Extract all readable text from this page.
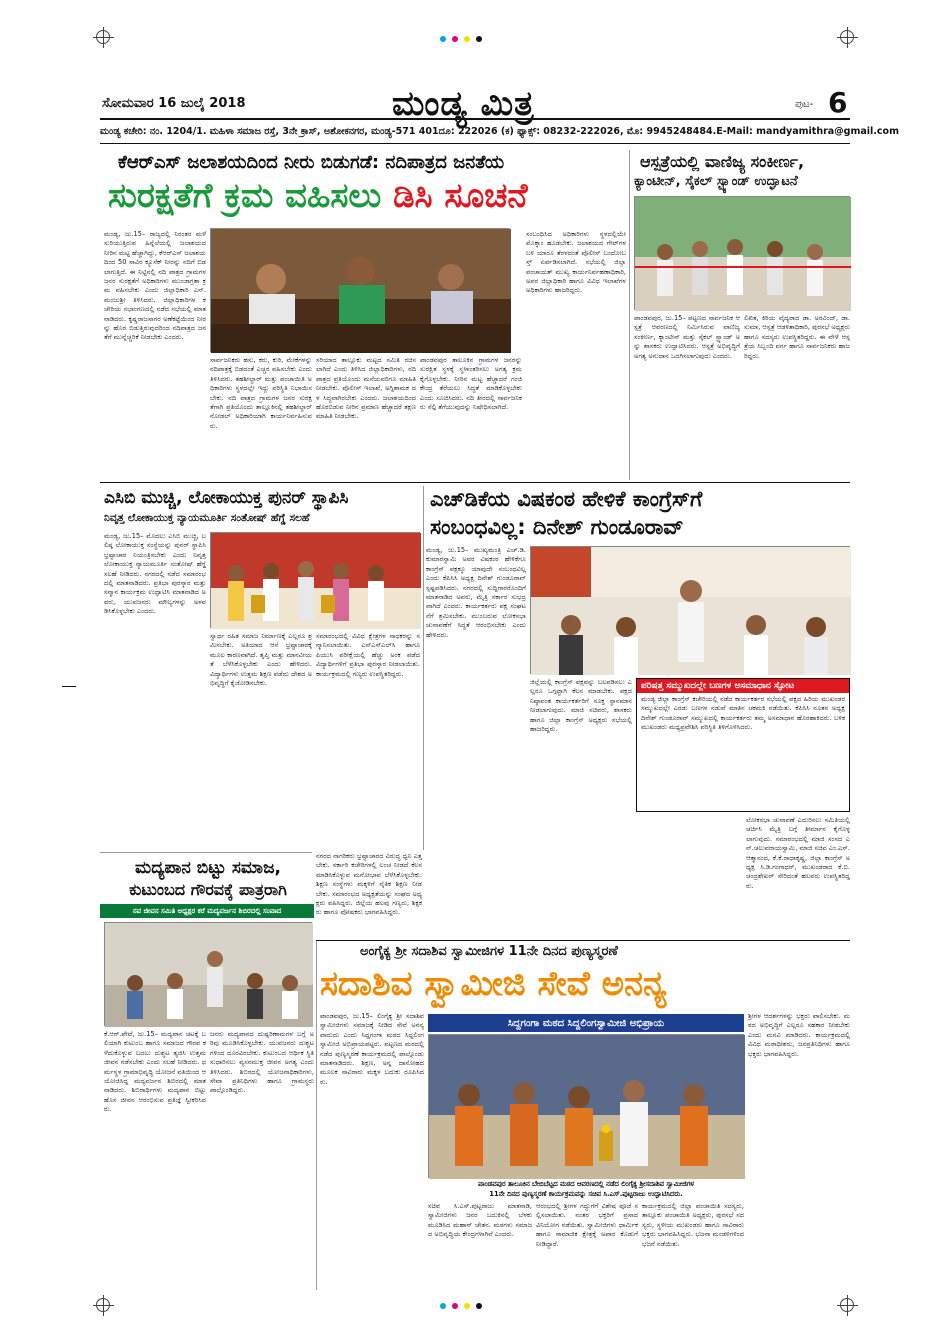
ಸೋಮವಾರ 16 ಜುಲೈ 2018	ಮಂಡ್ಯ ಮಿತ್ರ	ಪುಟ- 6
ಮಂಡ್ಯ ಕಚೇರಿ: ನಂ. 1204/1. ಮಹಿಳಾ ಸಮಾಜ ರಸ್ತೆ, 3ನೇ ಕ್ರಾಸ್, ಅಶೋಕನಗರ, ಮಂಡ್ಯ-571 401 ದೂ: 222026 (ಕ) ಫ್ಯಾಕ್ಸ್: 08232-222026, ಮೊ: 9945248484. E-Mail: mandyamithra@gmail.com
ಕೆಆರ್‌ಎಸ್ ಜಲಾಶಯದಿಂದ ನೀರು ಬಿಡುಗಡೆ: ನದಿಪಾತ್ರದ ಜನತೆಯ
ಸುರಕ್ಷತೆಗೆ ಕ್ರಮ ವಹಿಸಲು ಡಿಸಿ ಸೂಚನೆ
ಮಂಡ್ಯ, ಜು.15– ರಾಜ್ಯದಲ್ಲಿ ನಿರಂತರ ಮಳೆ ಸುರಿಯುತ್ತಿರುವ ಹಿನ್ನೆಲೆಯಲ್ಲಿ ಜಲಾಶಯದ ನೀರಿನ ಮಟ್ಟ ಹೆಚ್ಚಾಗಿದ್ದು, ಕೆಆರ್‌ಎಸ್ ಜಲಾಶಯದಿಂದ 50 ಸಾವಿರ ಕ್ಯೂಸೆಕ್ ನೀರನ್ನು ನದಿಗೆ ಬಿಡಲಾಗುತ್ತಿದೆ. ಈ ನಿಟ್ಟಿನಲ್ಲಿ ನದಿ ಪಾತ್ರದ ಗ್ರಾಮಗಳ ಜನರ ಸುರಕ್ಷತೆಗೆ ಅಧಿಕಾರಿಗಳು ಮುಂಜಾಗ್ರತಾ ಕ್ರಮ ವಹಿಸಬೇಕು ಎಂದು ಜಿಲ್ಲಾಧಿಕಾರಿ ಎನ್.ಮಂಜುಶ್ರೀ ತಿಳಿಸಿದರು. ಜಿಲ್ಲಾಧಿಕಾರಿಗಳ ಕಚೇರಿಯ ಸಭಾಂಗಣದಲ್ಲಿ ನಡೆದ ಸಭೆಯಲ್ಲಿ ಮಾತನಾಡಿದರು. ಕೃಷ್ಣರಾಜಸಾಗರ ಅಣೆಕಟ್ಟೆಯಿಂದ ನೀರನ್ನು ಹೊರ ಬಿಡುತ್ತಿರುವುದರಿಂದ ನದಿಪಾತ್ರದ ಜನತೆಗೆ ಮುನ್ನೆಚ್ಚರಿಕೆ ನೀಡಬೇಕು ಎಂದರು.
ಸಾರ್ವಜನಿಕರು ಹಸು, ಕರು, ಕುರಿ, ಮೇಕೆಗಳನ್ನು ನದಿಪಾತ್ರಕ್ಕೆ ಬಿಡದಂತೆ ಎಚ್ಚರ ವಹಿಸಬೇಕು ಎಂದು ತಿಳಿಸಿದರು. ತಹಶೀಲ್ದಾರ್ ಮತ್ತು ಪಂಚಾಯಿತಿ ಅಧಿಕಾರಿಗಳು ಸ್ಥಳದಲ್ಲೇ ಇದ್ದು ಪರಿಸ್ಥಿತಿ ನಿಭಾಯಿಸಬೇಕು. ನದಿ ಪಾತ್ರದ ಗ್ರಾಮಗಳ ಜನರ ಸುರಕ್ಷತೆಗಾಗಿ ಪ್ರತಿಯೊಂದು ತಾಲ್ಲೂಕಿನಲ್ಲಿ ತಹಶೀಲ್ದಾರ್ ನೋಡಲ್ ಅಧಿಕಾರಿಯಾಗಿ ಕಾರ್ಯನಿರ್ವಹಿಸುವರು.
ಸರಿಯಾದ ತಾಲ್ಲೂಕು ಮಟ್ಟದ ಸಮಿತಿ ರಚಿಸಲಾಗಿದೆ ಎಂದು ತಿಳಿಸಿದ ಜಿಲ್ಲಾಧಿಕಾರಿಗಳು, ನದಿ ಪಾತ್ರದ ಪ್ರತಿಯೊಂದು ಮನೆಯವರಿಗೂ ಮಾಹಿತಿ ನೀಡಬೇಕು. ಪೊಲೀಸ್ ಇಲಾಖೆ, ಅಗ್ನಿಶಾಮಕ ದಳ ಸಿದ್ಧವಾಗಿರಬೇಕು ಎಂದರು. ಜಲಾಶಯದಿಂದ ಹೊರಬಿಡುವ ನೀರಿನ ಪ್ರಮಾಣ ಹೆಚ್ಚಾದರೆ ತಕ್ಷಣ ಮಾಹಿತಿ ನೀಡಬೇಕು.
ಪಾಂಡವಪುರ ತಾಲೂಕಿನ ಗ್ರಾಮಗಳ ಜನರನ್ನು ಸುರಕ್ಷಿತ ಸ್ಥಳಕ್ಕೆ ಸ್ಥಳಾಂತರಿಸಲು ಅಗತ್ಯ ಕ್ರಮ ಕೈಗೊಳ್ಳಬೇಕು. ನೀರಿನ ಮಟ್ಟ ಹೆಚ್ಚಾದರೆ ಗಂಜಿ ಕೇಂದ್ರ ತೆರೆಯಲು ಸಿದ್ಧತೆ ಮಾಡಿಕೊಳ್ಳಬೇಕು ಎಂದು ಸೂಚಿಸಿದರು. ನದಿ ತೀರದಲ್ಲಿ ಸಾರ್ವಜನಿಕರು ಸೆಲ್ಫಿ ತೆಗೆಯುವುದನ್ನು ನಿಷೇಧಿಸಲಾಗಿದೆ.
ಸಂಬಂಧಿಸಿದ ಅಧಿಕಾರಿಗಳು ಸ್ಥಳದಲ್ಲಿಯೇ ಮೊಕ್ಕಾಂ ಹೂಡಬೇಕು. ಜಲಾಶಯದ ಗೇಟ್‌ಗಳ ಬಳಿ ಯಾರೂ ತೆರಳದಂತೆ ಪೊಲೀಸ್ ಬಂದೋಬಸ್ತ್ ಏರ್ಪಡಿಸಲಾಗಿದೆ. ಸಭೆಯಲ್ಲಿ ಜಿಲ್ಲಾ ಪಂಚಾಯತ್ ಮುಖ್ಯ ಕಾರ್ಯನಿರ್ವಹಣಾಧಿಕಾರಿ, ಅಪರ ಜಿಲ್ಲಾಧಿಕಾರಿ ಹಾಗೂ ವಿವಿಧ ಇಲಾಖೆಗಳ ಅಧಿಕಾರಿಗಳು ಹಾಜರಿದ್ದರು.
ಆಸ್ಪತ್ರೆಯಲ್ಲಿ ವಾಣಿಜ್ಯ ಸಂಕೀರ್ಣ,
ಕ್ಯಾಂಟೀನ್, ಸೈಕಲ್ ಸ್ಟ್ಯಾಂಡ್ ಉದ್ಘಾಟನೆ
ಪಾಂಡವಪುರ, ಜು.15– ಪಟ್ಟಣದ ಸಾರ್ವಜನಿಕ ಆಸ್ಪತ್ರೆ ಆವರಣದಲ್ಲಿ ನಿರ್ಮಿಸಿರುವ ವಾಣಿಜ್ಯ ಸಂಕೀರ್ಣ, ಕ್ಯಾಂಟೀನ್ ಮತ್ತು ಸೈಕಲ್ ಸ್ಟ್ಯಾಂಡ್ ಅನ್ನು ಶಾಸಕರು ಉದ್ಘಾಟಿಸಿದರು. ಆಸ್ಪತ್ರೆ ಅಭಿವೃದ್ಧಿಗೆ ಅಗತ್ಯ ಅನುದಾನ ಒದಗಿಸಲಾಗುವುದು ಎಂದರು.
ಲಿಖಿತ, ಕಿರಿಯ ವೈದ್ಯರಾದ ಡಾ. ಅರವಿಂದ್, ಡಾ. ಸುಮಾ, ಆಸ್ಪತ್ರೆ ಆಡಳಿತಾಧಿಕಾರಿ, ಪುರಸಭೆ ಅಧ್ಯಕ್ಷರು ಹಾಗೂ ಸದಸ್ಯರು ಉಪಸ್ಥಿತರಿದ್ದರು. ಈ ವೇಳೆ ಆಸ್ಪತ್ರೆಯ ಸಿಬ್ಬಂದಿ ವರ್ಗ ಹಾಗೂ ಸಾರ್ವಜನಿಕರು ಹಾಜರಿದ್ದರು.
ಎಸಿಬಿ ಮುಚ್ಚಿ, ಲೋಕಾಯುಕ್ತ ಪುನರ್ ಸ್ಥಾಪಿಸಿ
ನಿವೃತ್ತ ಲೋಕಾಯುಕ್ತ ನ್ಯಾಯಮೂರ್ತಿ ಸಂತೋಷ್ ಹೆಗ್ಡೆ ಸಲಹೆ
ಮಂಡ್ಯ, ಜು.15– ಮೊದಲು ಎಸಿಬಿ ಮುಚ್ಚಿ, ಬಲಿಷ್ಠ ಲೋಕಾಯುಕ್ತ ಸಂಸ್ಥೆಯನ್ನು ಪುನರ್ ಸ್ಥಾಪಿಸಿ ಭ್ರಷ್ಟಾಚಾರ ನಿಯಂತ್ರಿಸಬೇಕು ಎಂದು ನಿವೃತ್ತ ಲೋಕಾಯುಕ್ತ ನ್ಯಾಯಮೂರ್ತಿ ಸಂತೋಷ್ ಹೆಗ್ಡೆ ಸಲಹೆ ನೀಡಿದರು. ನಗರದಲ್ಲಿ ನಡೆದ ಸಮಾರಂಭದಲ್ಲಿ ಮಾತನಾಡಿದರು. ಪ್ರತಿಭಾ ಪುರಸ್ಕಾರ ಮತ್ತು ಸನ್ಮಾನ ಕಾರ್ಯಕ್ರಮ ಉದ್ಘಾಟಿಸಿ ಮಾತನಾಡಿದ ಅವರು, ಯುವಜನರು ಮೌಲ್ಯಗಳನ್ನು ಅಳವಡಿಸಿಕೊಳ್ಳಬೇಕು ಎಂದರು.
ಸ್ವಾರ್ಥ ರಹಿತ ಸಮಾಜ ನಿರ್ಮಾಣಕ್ಕೆ ಎಲ್ಲರೂ ಶ್ರಮಿಸಬೇಕು. ಅತಿಯಾದ ಆಸೆ ಭ್ರಷ್ಟಾಚಾರಕ್ಕೆ ಮೂಲ ಕಾರಣವಾಗಿದೆ. ತೃಪ್ತಿ ಮತ್ತು ಮಾನವೀಯತೆ ಬೆಳೆಸಿಕೊಳ್ಳಬೇಕು ಎಂದು ಹೇಳಿದರು. ವಿದ್ಯಾರ್ಥಿಗಳು ಉತ್ತಮ ಶಿಕ್ಷಣ ಪಡೆದು ದೇಶದ ಅಭಿವೃದ್ಧಿಗೆ ಕೈಜೋಡಿಸಬೇಕು.
ಸಮಾರಂಭದಲ್ಲಿ ವಿವಿಧ ಕ್ಷೇತ್ರಗಳ ಸಾಧಕರನ್ನು ಸನ್ಮಾನಿಸಲಾಯಿತು. ಎಸ್ಎಸ್ಎಲ್‌ಸಿ ಹಾಗೂ ಪಿಯುಸಿ ಪರೀಕ್ಷೆಯಲ್ಲಿ ಹೆಚ್ಚು ಅಂಕ ಪಡೆದ ವಿದ್ಯಾರ್ಥಿಗಳಿಗೆ ಪ್ರತಿಭಾ ಪುರಸ್ಕಾರ ನೀಡಲಾಯಿತು. ಕಾರ್ಯಕ್ರಮದಲ್ಲಿ ಗಣ್ಯರು ಉಪಸ್ಥಿತರಿದ್ದರು.
ಎಚ್‌ಡಿಕೆಯ ವಿಷಕಂಠ ಹೇಳಿಕೆ ಕಾಂಗ್ರೆಸ್‌ಗೆ
ಸಂಬಂಧವಿಲ್ಲ: ದಿನೇಶ್ ಗುಂಡೂರಾವ್
ಮಂಡ್ಯ, ಜು.15– ಮುಖ್ಯಮಂತ್ರಿ ಎಚ್.ಡಿ.ಕುಮಾರಸ್ವಾಮಿ ಅವರ ವಿಷಕಂಠ ಹೇಳಿಕೆಗೂ ಕಾಂಗ್ರೆಸ್ ಪಕ್ಷಕ್ಕೂ ಯಾವುದೇ ಸಂಬಂಧವಿಲ್ಲ ಎಂದು ಕೆಪಿಸಿಸಿ ಅಧ್ಯಕ್ಷ ದಿನೇಶ್ ಗುಂಡೂರಾವ್ ಸ್ಪಷ್ಟಪಡಿಸಿದರು. ನಗರದಲ್ಲಿ ಸುದ್ದಿಗಾರರೊಂದಿಗೆ ಮಾತನಾಡಿದ ಅವರು, ಮೈತ್ರಿ ಸರ್ಕಾರ ಸುಭದ್ರವಾಗಿದೆ ಎಂದರು. ಕಾರ್ಯಕರ್ತರು ಪಕ್ಷ ಸಂಘಟನೆಗೆ ಶ್ರಮಿಸಬೇಕು. ಮುಂಬರುವ ಲೋಕಸಭಾ ಚುನಾವಣೆಗೆ ಸಿದ್ಧತೆ ಆರಂಭಿಸಬೇಕು ಎಂದು ಹೇಳಿದರು.
ಜಿಲ್ಲೆಯಲ್ಲಿ ಕಾಂಗ್ರೆಸ್ ಪಕ್ಷವನ್ನು ಬಲಪಡಿಸಲು ಎಲ್ಲರೂ ಒಗ್ಗಟ್ಟಾಗಿ ಕೆಲಸ ಮಾಡಬೇಕು. ಪಕ್ಷದ ನಿಷ್ಠಾವಂತ ಕಾರ್ಯಕರ್ತರಿಗೆ ಸೂಕ್ತ ಸ್ಥಾನಮಾನ ನೀಡಲಾಗುವುದು. ಮಾಜಿ ಸಚಿವರು, ಶಾಸಕರು ಹಾಗೂ ಜಿಲ್ಲಾ ಕಾಂಗ್ರೆಸ್ ಅಧ್ಯಕ್ಷರು ಸಭೆಯಲ್ಲಿ ಹಾಜರಿದ್ದರು.
ಪರಿಷತ್ತ ಸಮ್ಮುಖದಲ್ಲೇ ಬಣಗಳ ಅಸಮಾಧಾನ ಸ್ಫೋಟ
ಮಂಡ್ಯ ಜಿಲ್ಲಾ ಕಾಂಗ್ರೆಸ್ ಕಚೇರಿಯಲ್ಲಿ ನಡೆದ ಕಾರ್ಯಕರ್ತರ ಸಭೆಯಲ್ಲಿ ಪಕ್ಷದ ಹಿರಿಯ ಮುಖಂಡರ ಸಮ್ಮುಖದಲ್ಲೇ ಎರಡು ಬಣಗಳ ನಡುವೆ ಮಾತಿನ ಚಕಮಕಿ ನಡೆಯಿತು. ಕೆಪಿಸಿಸಿ ನೂತನ ಅಧ್ಯಕ್ಷ ದಿನೇಶ್ ಗುಂಡೂರಾವ್ ಸಮ್ಮುಖದಲ್ಲಿ ಕಾರ್ಯಕರ್ತರು ತಮ್ಮ ಅಸಮಾಧಾನ ಹೊರಹಾಕಿದರು. ಬಳಿಕ ಮುಖಂಡರು ಮಧ್ಯಪ್ರವೇಶಿಸಿ ಪರಿಸ್ಥಿತಿ ತಿಳಿಗೊಳಿಸಿದರು.
ಲೋಕಸಭಾ ಚುನಾವಣೆ ಎದುರಿಸಲು ಸಮಿತಿಯಲ್ಲಿ ಚರ್ಚಿಸಿ ಮೈತ್ರಿ ಬಗ್ಗೆ ತೀರ್ಮಾನ ಕೈಗೊಳ್ಳಲಾಗುವುದು. ಸಮಾರಂಭದಲ್ಲಿ ಮಾಜಿ ಸಂಸದ ಎನ್.ಚಲುವರಾಯಸ್ವಾಮಿ, ಮಾಜಿ ಸಚಿವ ಎಂ.ಎಸ್.ಆತ್ಮಾನಂದ, ಕೆ.ಕೆ.ರಾಧಾಕೃಷ್ಣ, ಜಿಲ್ಲಾ ಕಾಂಗ್ರೆಸ್ ಅಧ್ಯಕ್ಷ ಸಿ.ಡಿ.ಗಂಗಾಧರ್, ಮುಖಂಡರಾದ ಕೆ.ಬಿ.ಚಂದ್ರಶೇಖರ್ ಸೇರಿದಂತೆ ಹಲವರು ಉಪಸ್ಥಿತರಿದ್ದರು.
ಮದ್ಯಪಾನ ಬಿಟ್ಟು ಸಮಾಜ,
ಕುಟುಂಬದ ಗೌರವಕ್ಕೆ ಪಾತ್ರರಾಗಿ
ನವ ಜೀವನ ಸಮಿತಿ ಅಧ್ಯಕ್ಷರ ಕರೆ ಮದ್ಯವರ್ಜನ ಶಿಬಿರದಲ್ಲಿ ಸಂವಾದ
ಕೆ.ಆರ್.ಪೇಟೆ, ಜು.15– ಮದ್ಯಪಾನ ಚಟಕ್ಕೆ ಬಲಿಯಾಗಿ ಕುಟುಂಬ ಹಾಗೂ ಸಮಾಜದ ಗೌರವ ಕಳೆದುಕೊಳ್ಳುವ ಬದಲು ದುಶ್ಚಟ ತ್ಯಜಿಸಿ ಉತ್ತಮ ಜೀವನ ನಡೆಸಬೇಕು ಎಂದು ಸಲಹೆ ನೀಡಿದರು. ಧರ್ಮಸ್ಥಳ ಗ್ರಾಮಾಭಿವೃದ್ಧಿ ಯೋಜನೆ ವತಿಯಿಂದ ಆಯೋಜಿಸಿದ್ದ ಮದ್ಯವರ್ಜನ ಶಿಬಿರದಲ್ಲಿ ಮಾತನಾಡಿದರು. ಶಿಬಿರಾರ್ಥಿಗಳು ಮದ್ಯಪಾನ ಬಿಟ್ಟು ಹೊಸ ಜೀವನ ಆರಂಭಿಸುವ ಪ್ರತಿಜ್ಞೆ ಸ್ವೀಕರಿಸಿದರು.
ಜನರು ಮದ್ಯಪಾನದ ದುಷ್ಪರಿಣಾಮಗಳ ಬಗ್ಗೆ ಅರಿವು ಮೂಡಿಸಿಕೊಳ್ಳಬೇಕು. ಯುವಜನರು ದುಶ್ಚಟಗಳಿಂದ ದೂರವಿರಬೇಕು. ಕುಟುಂಬದ ಆರ್ಥಿಕ ಸ್ಥಿತಿ ಸುಧಾರಿಸಲು ವ್ಯಸನಮುಕ್ತ ಜೀವನ ಅಗತ್ಯ ಎಂದು ತಿಳಿಸಿದರು. ಶಿಬಿರದಲ್ಲಿ ಯೋಜನಾಧಿಕಾರಿಗಳು, ಸೇವಾ ಪ್ರತಿನಿಧಿಗಳು ಹಾಗೂ ಗ್ರಾಮಸ್ಥರು ಪಾಲ್ಗೊಂಡಿದ್ದರು.
ನಗರದ ನಾಗರಿಕರು ಭ್ರಷ್ಟಾಚಾರದ ವಿರುದ್ಧ ಧ್ವನಿ ಎತ್ತಬೇಕು. ಸರ್ಕಾರಿ ಕಚೇರಿಗಳಲ್ಲಿ ಲಂಚ ನೀಡದೆ ಕೆಲಸ ಮಾಡಿಸಿಕೊಳ್ಳುವ ಮನೋಭಾವ ಬೆಳೆಸಿಕೊಳ್ಳಬೇಕು. ಶಿಕ್ಷಣ ಸಂಸ್ಥೆಗಳು ಮಕ್ಕಳಿಗೆ ನೈತಿಕ ಶಿಕ್ಷಣ ನೀಡಬೇಕು. ಸಮಾರಂಭದ ಅಧ್ಯಕ್ಷತೆಯನ್ನು ಸಂಘದ ಅಧ್ಯಕ್ಷರು ವಹಿಸಿದ್ದರು. ಜಿಲ್ಲೆಯ ಹಲವು ಗಣ್ಯರು, ಶಿಕ್ಷಕರು ಹಾಗೂ ಪೋಷಕರು ಭಾಗವಹಿಸಿದ್ದರು.
ಅಂಗೈಕ್ಯ ಶ್ರೀ ಸದಾಶಿವ ಸ್ವಾಮೀಜಿಗಳ 11ನೇ ದಿನದ ಪುಣ್ಯಸ್ಮರಣೆ
ಸದಾಶಿವ ಸ್ವಾಮೀಜಿ ಸೇವೆ ಅನನ್ಯ
ಪಾಂಡವಪುರ, ಜು.15– ಲಿಂಗೈಕ್ಯ ಶ್ರೀ ಸದಾಶಿವ ಸ್ವಾಮೀಜಿಗಳು ಸಮಾಜಕ್ಕೆ ನೀಡಿದ ಸೇವೆ ಅನನ್ಯವಾದುದು ಎಂದು ಸಿದ್ದಗಂಗಾ ಮಠದ ಸಿದ್ದಲಿಂಗಸ್ವಾಮೀಜಿ ಅಭಿಪ್ರಾಯಪಟ್ಟರು. ಪಟ್ಟಣದ ಮಠದಲ್ಲಿ ನಡೆದ ಪುಣ್ಯಸ್ಮರಣೆ ಕಾರ್ಯಕ್ರಮದಲ್ಲಿ ಪಾಲ್ಗೊಂಡು ಮಾತನಾಡಿದರು. ಶಿಕ್ಷಣ, ಅನ್ನ ದಾಸೋಹದ ಮೂಲಕ ಸಾವಿರಾರು ಮಕ್ಕಳ ಬದುಕು ರೂಪಿಸಿದರು.
ಸಿದ್ದಗಂಗಾ ಮಠದ ಸಿದ್ದಲಿಂಗಸ್ವಾಮೀಜಿ ಅಭಿಪ್ರಾಯ
ಪಾಂಡವಪುರ ತಾಲೂಕಿನ ಬೇಬಿಬೆಟ್ಟದ ಮಠದ ಆವರಣದಲ್ಲಿ ನಡೆದ ಲಿಂಗೈಕ್ಯ ಶ್ರೀಸದಾಶಿವ ಸ್ವಾಮೀಜಿಗಳ
11ನೇ ದಿನದ ಪುಣ್ಯಸ್ಮರಣೆ ಕಾರ್ಯಕ್ರಮವನ್ನು ಸಚಿವ ಸಿ.ಎಸ್.ಪುಟ್ಟರಾಜು ಉದ್ಘಾಟಿಸಿದರು.
ಶ್ರೀಗಳ ಆದರ್ಶಗಳನ್ನು ಭಕ್ತರು ಪಾಲಿಸಬೇಕು. ಮಠದ ಅಭಿವೃದ್ಧಿಗೆ ಎಲ್ಲರೂ ಸಹಕಾರ ನೀಡಬೇಕು ಎಂದು ಮನವಿ ಮಾಡಿದರು. ಕಾರ್ಯಕ್ರಮದಲ್ಲಿ ವಿವಿಧ ಮಠಾಧೀಶರು, ಜನಪ್ರತಿನಿಧಿಗಳು ಹಾಗೂ ಭಕ್ತರು ಭಾಗವಹಿಸಿದ್ದರು.
ಸಚಿವ ಸಿ.ಎಸ್.ಪುಟ್ಟರಾಜು ಮಾತನಾಡಿ, ಸ್ವಾಮೀಜಿಗಳು ಜನರ ಬದುಕಿನಲ್ಲಿ ಬೆಳಕು ಮೂಡಿಸಿದ ಮಹಾನ್ ಚೇತನ. ಮಠಗಳು ಸಮಾಜದ ಅಭಿವೃದ್ಧಿಯ ಕೇಂದ್ರಗಳಾಗಿವೆ ಎಂದರು.
ಆರಂಭದಲ್ಲಿ ಶ್ರೀಗಳ ಗದ್ದುಗೆಗೆ ವಿಶೇಷ ಪೂಜೆ ಸಲ್ಲಿಸಲಾಯಿತು. ನಂತರ ಭಕ್ತರಿಗೆ ಪ್ರಸಾದ ವಿನಿಯೋಗ ನಡೆಯಿತು. ಸ್ವಾಮೀಜಿಗಳು ಧಾರ್ಮಿಕ ಹಾಗೂ ಸಾಮಾಜಿಕ ಕ್ಷೇತ್ರಕ್ಕೆ ಅಪಾರ ಕೊಡುಗೆ ನೀಡಿದ್ದಾರೆ.
ಕಾರ್ಯಕ್ರಮದಲ್ಲಿ ಜಿಲ್ಲಾ ಪಂಚಾಯಿತಿ ಸದಸ್ಯರು, ತಾಲ್ಲೂಕು ಪಂಚಾಯಿತಿ ಅಧ್ಯಕ್ಷರು, ಪುರಸಭೆ ಸದಸ್ಯರು, ಸ್ಥಳೀಯ ಮುಖಂಡರು ಹಾಗೂ ಸಾವಿರಾರು ಭಕ್ತರು ಭಾಗವಹಿಸಿದ್ದರು. ಭಜನಾ ಮಂಡಳಿಗಳಿಂದ ಭಜನೆ ನಡೆಯಿತು.
